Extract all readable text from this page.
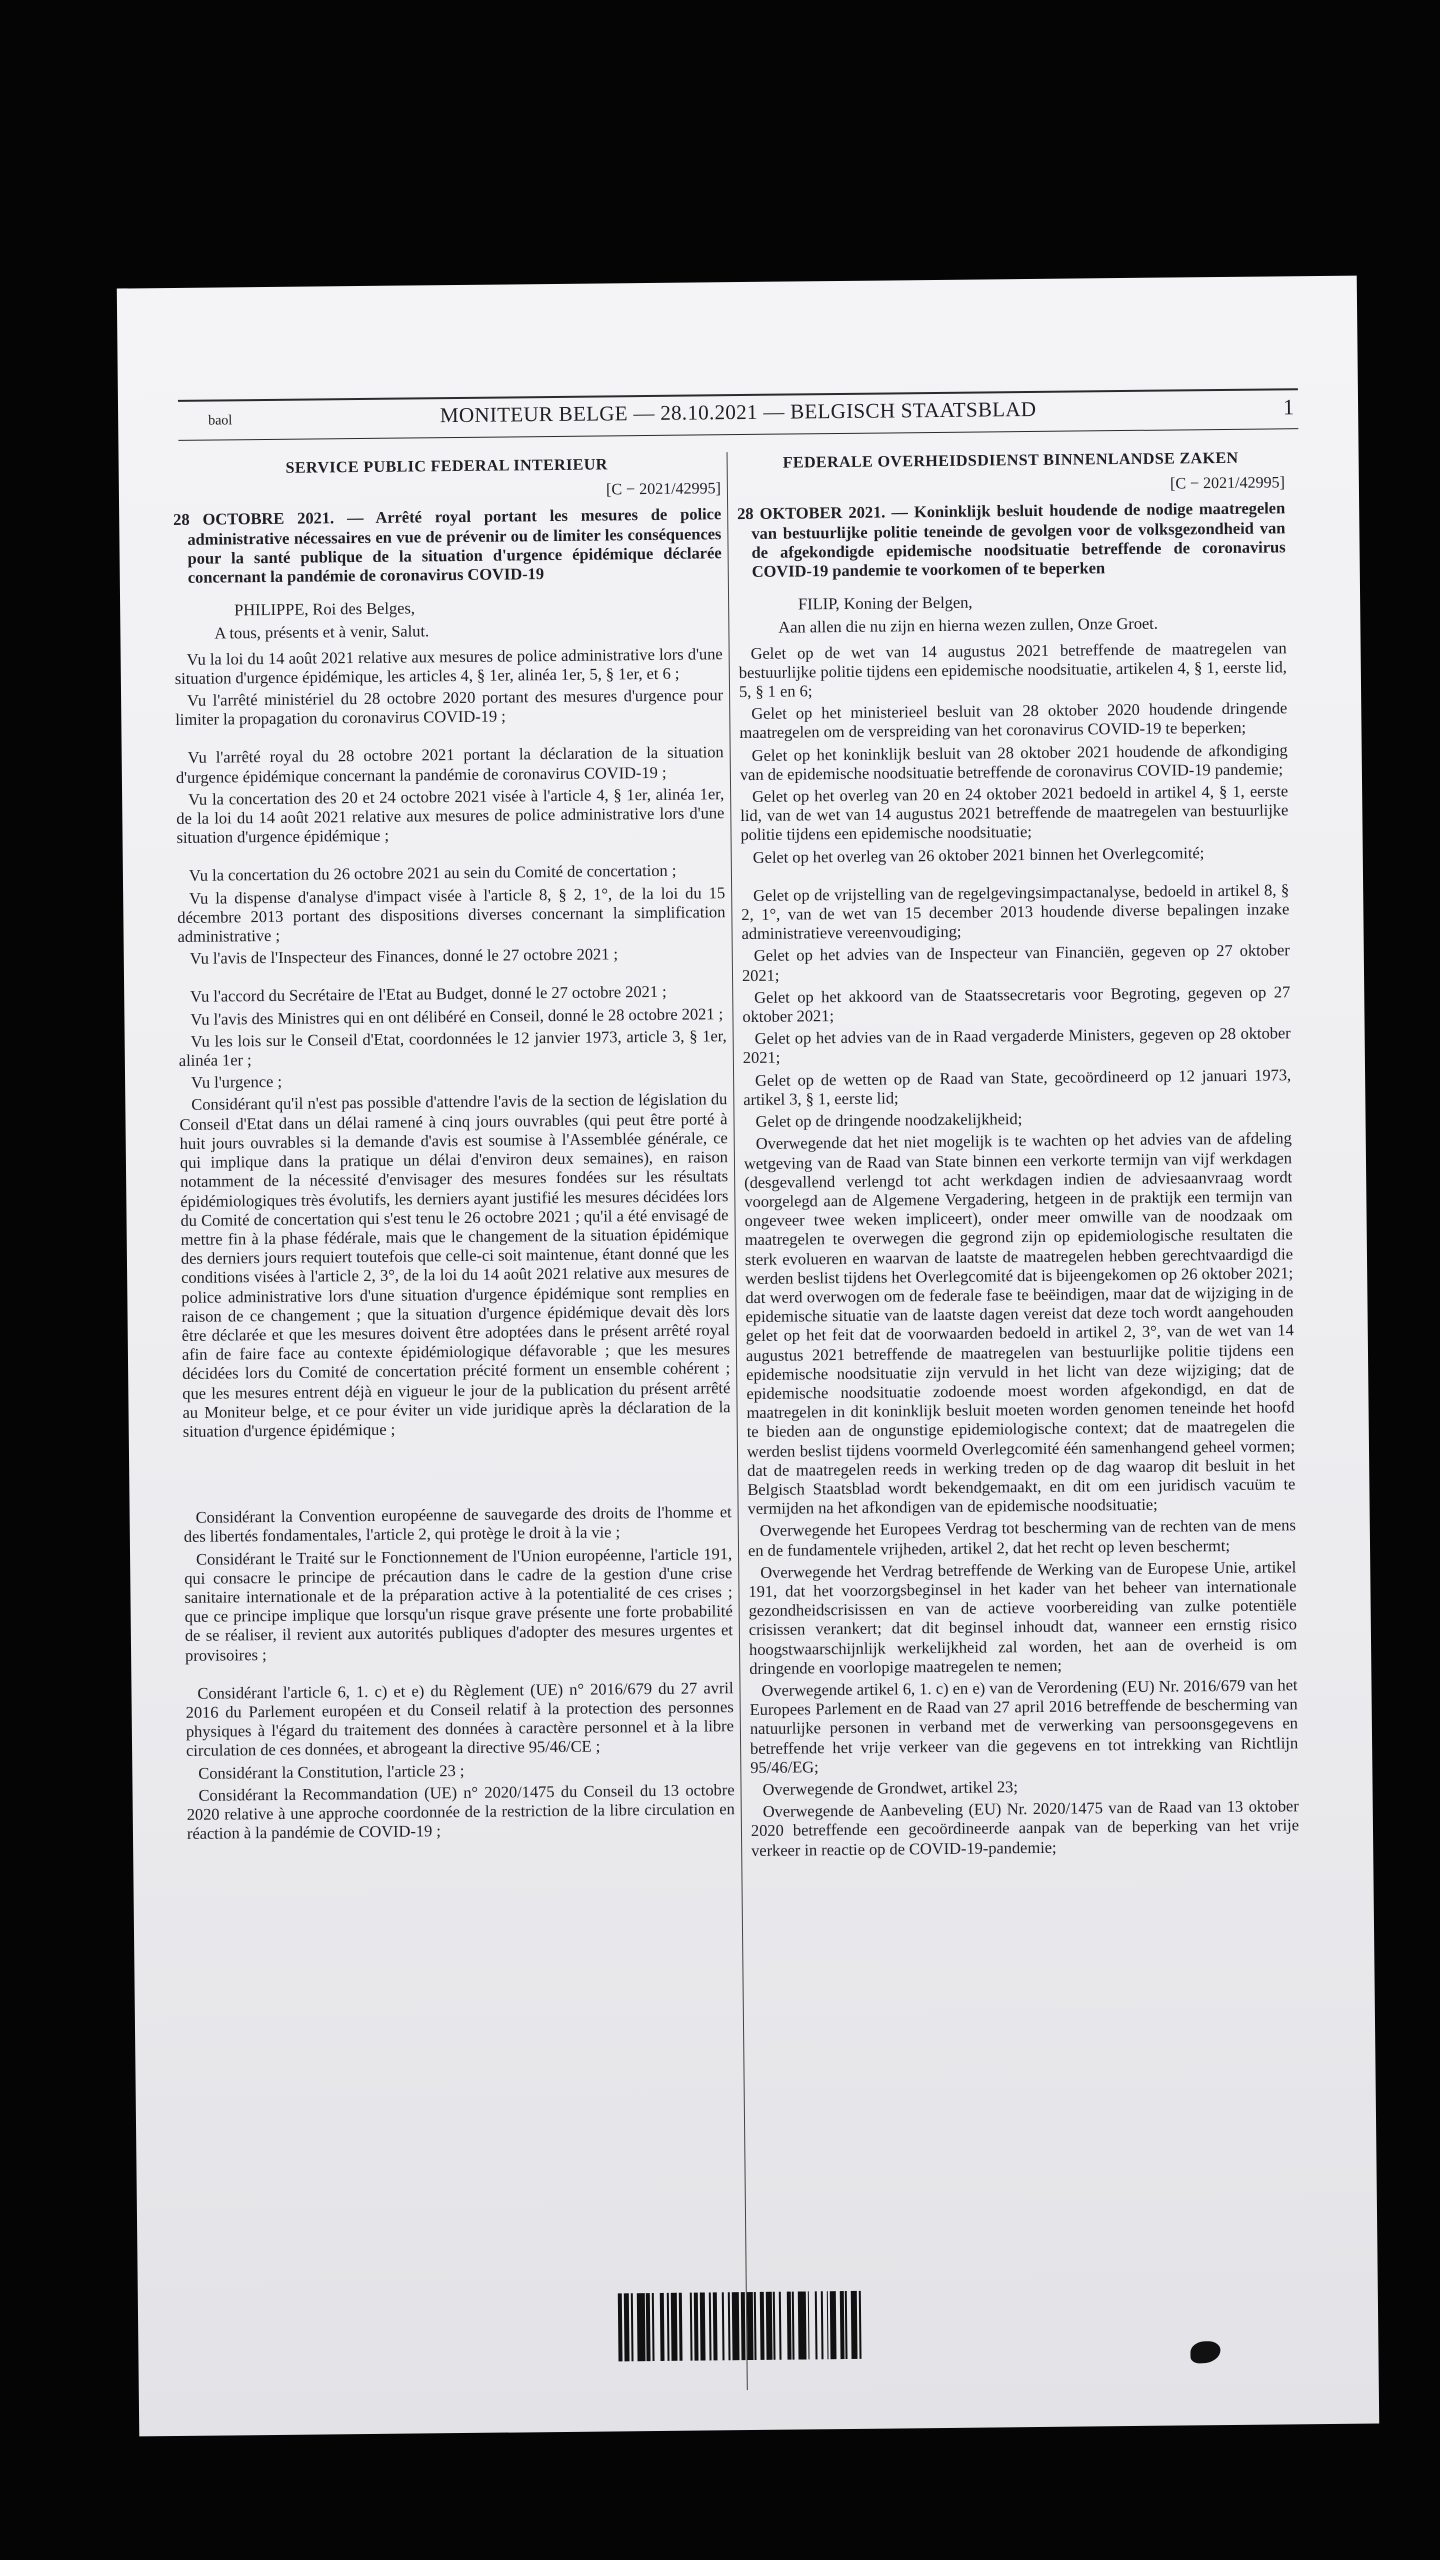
baol	MONITEUR BELGE — 28.10.2021 — BELGISCH STAATSBLAD	1
SERVICE PUBLIC FEDERAL INTERIEUR
[C − 2021/42995]
28 OCTOBRE 2021. — Arrêté royal portant les mesures de police administrative nécessaires en vue de prévenir ou de limiter les conséquences pour la santé publique de la situation d'urgence épidémique déclarée concernant la pandémie de coronavirus COVID-19
PHILIPPE, Roi des Belges,
A tous, présents et à venir, Salut.
Vu la loi du 14 août 2021 relative aux mesures de police administrative lors d'une situation d'urgence épidémique, les articles 4, § 1er, alinéa 1er, 5, § 1er, et 6 ;
Vu l'arrêté ministériel du 28 octobre 2020 portant des mesures d'urgence pour limiter la propagation du coronavirus COVID-19 ;
Vu l'arrêté royal du 28 octobre 2021 portant la déclaration de la situation d'urgence épidémique concernant la pandémie de coronavirus COVID-19 ;
Vu la concertation des 20 et 24 octobre 2021 visée à l'article 4, § 1er, alinéa 1er, de la loi du 14 août 2021 relative aux mesures de police administrative lors d'une situation d'urgence épidémique ;
Vu la concertation du 26 octobre 2021 au sein du Comité de concertation ;
Vu la dispense d'analyse d'impact visée à l'article 8, § 2, 1°, de la loi du 15 décembre 2013 portant des dispositions diverses concernant la simplification administrative ;
Vu l'avis de l'Inspecteur des Finances, donné le 27 octobre 2021 ;
Vu l'accord du Secrétaire de l'Etat au Budget, donné le 27 octobre 2021 ;
Vu l'avis des Ministres qui en ont délibéré en Conseil, donné le 28 octobre 2021 ;
Vu les lois sur le Conseil d'Etat, coordonnées le 12 janvier 1973, article 3, § 1er, alinéa 1er ;
Vu l'urgence ;
Considérant qu'il n'est pas possible d'attendre l'avis de la section de législation du Conseil d'Etat dans un délai ramené à cinq jours ouvrables (qui peut être porté à huit jours ouvrables si la demande d'avis est soumise à l'Assemblée générale, ce qui implique dans la pratique un délai d'environ deux semaines), en raison notamment de la nécessité d'envisager des mesures fondées sur les résultats épidémiologiques très évolutifs, les derniers ayant justifié les mesures décidées lors du Comité de concertation qui s'est tenu le 26 octobre 2021 ; qu'il a été envisagé de mettre fin à la phase fédérale, mais que le changement de la situation épidémique des derniers jours requiert toutefois que celle-ci soit maintenue, étant donné que les conditions visées à l'article 2, 3°, de la loi du 14 août 2021 relative aux mesures de police administrative lors d'une situation d'urgence épidémique sont remplies en raison de ce changement ; que la situation d'urgence épidémique devait dès lors être déclarée et que les mesures doivent être adoptées dans le présent arrêté royal afin de faire face au contexte épidémiologique défavorable ; que les mesures décidées lors du Comité de concertation précité forment un ensemble cohérent ; que les mesures entrent déjà en vigueur le jour de la publication du présent arrêté au Moniteur belge, et ce pour éviter un vide juridique après la déclaration de la situation d'urgence épidémique ;
Considérant la Convention européenne de sauvegarde des droits de l'homme et des libertés fondamentales, l'article 2, qui protège le droit à la vie ;
Considérant le Traité sur le Fonctionnement de l'Union européenne, l'article 191, qui consacre le principe de précaution dans le cadre de la gestion d'une crise sanitaire internationale et de la préparation active à la potentialité de ces crises ; que ce principe implique que lorsqu'un risque grave présente une forte probabilité de se réaliser, il revient aux autorités publiques d'adopter des mesures urgentes et provisoires ;
Considérant l'article 6, 1. c) et e) du Règlement (UE) n° 2016/679 du 27 avril 2016 du Parlement européen et du Conseil relatif à la protection des personnes physiques à l'égard du traitement des données à caractère personnel et à la libre circulation de ces données, et abrogeant la directive 95/46/CE ;
Considérant la Constitution, l'article 23 ;
Considérant la Recommandation (UE) n° 2020/1475 du Conseil du 13 octobre 2020 relative à une approche coordonnée de la restriction de la libre circulation en réaction à la pandémie de COVID-19 ;
FEDERALE OVERHEIDSDIENST BINNENLANDSE ZAKEN
[C − 2021/42995]
28 OKTOBER 2021. — Koninklijk besluit houdende de nodige maatregelen van bestuurlijke politie teneinde de gevolgen voor de volksgezondheid van de afgekondigde epidemische noodsituatie betreffende de coronavirus COVID-19 pandemie te voorkomen of te beperken
FILIP, Koning der Belgen,
Aan allen die nu zijn en hierna wezen zullen, Onze Groet.
Gelet op de wet van 14 augustus 2021 betreffende de maatregelen van bestuurlijke politie tijdens een epidemische noodsituatie, artikelen 4, § 1, eerste lid, 5, § 1 en 6;
Gelet op het ministerieel besluit van 28 oktober 2020 houdende dringende maatregelen om de verspreiding van het coronavirus COVID-19 te beperken;
Gelet op het koninklijk besluit van 28 oktober 2021 houdende de afkondiging van de epidemische noodsituatie betreffende de coronavirus COVID-19 pandemie;
Gelet op het overleg van 20 en 24 oktober 2021 bedoeld in artikel 4, § 1, eerste lid, van de wet van 14 augustus 2021 betreffende de maatregelen van bestuurlijke politie tijdens een epidemische noodsituatie;
Gelet op het overleg van 26 oktober 2021 binnen het Overlegcomité;
Gelet op de vrijstelling van de regelgevingsimpactanalyse, bedoeld in artikel 8, § 2, 1°, van de wet van 15 december 2013 houdende diverse bepalingen inzake administratieve vereenvoudiging;
Gelet op het advies van de Inspecteur van Financiën, gegeven op 27 oktober 2021;
Gelet op het akkoord van de Staatssecretaris voor Begroting, gegeven op 27 oktober 2021;
Gelet op het advies van de in Raad vergaderde Ministers, gegeven op 28 oktober 2021;
Gelet op de wetten op de Raad van State, gecoördineerd op 12 januari 1973, artikel 3, § 1, eerste lid;
Gelet op de dringende noodzakelijkheid;
Overwegende dat het niet mogelijk is te wachten op het advies van de afdeling wetgeving van de Raad van State binnen een verkorte termijn van vijf werkdagen (desgevallend verlengd tot acht werkdagen indien de adviesaanvraag wordt voorgelegd aan de Algemene Vergadering, hetgeen in de praktijk een termijn van ongeveer twee weken impliceert), onder meer omwille van de noodzaak om maatregelen te overwegen die gegrond zijn op epidemiologische resultaten die sterk evolueren en waarvan de laatste de maatregelen hebben gerechtvaardigd die werden beslist tijdens het Overlegcomité dat is bijeengekomen op 26 oktober 2021; dat werd overwogen om de federale fase te beëindigen, maar dat de wijziging in de epidemische situatie van de laatste dagen vereist dat deze toch wordt aangehouden gelet op het feit dat de voorwaarden bedoeld in artikel 2, 3°, van de wet van 14 augustus 2021 betreffende de maatregelen van bestuurlijke politie tijdens een epidemische noodsituatie zijn vervuld in het licht van deze wijziging; dat de epidemische noodsituatie zodoende moest worden afgekondigd, en dat de maatregelen in dit koninklijk besluit moeten worden genomen teneinde het hoofd te bieden aan de ongunstige epidemiologische context; dat de maatregelen die werden beslist tijdens voormeld Overlegcomité één samenhangend geheel vormen; dat de maatregelen reeds in werking treden op de dag waarop dit besluit in het Belgisch Staatsblad wordt bekendgemaakt, en dit om een juridisch vacuüm te vermijden na het afkondigen van de epidemische noodsituatie;
Overwegende het Europees Verdrag tot bescherming van de rechten van de mens en de fundamentele vrijheden, artikel 2, dat het recht op leven beschermt;
Overwegende het Verdrag betreffende de Werking van de Europese Unie, artikel 191, dat het voorzorgsbeginsel in het kader van het beheer van internationale gezondheidscrisissen en van de actieve voorbereiding van zulke potentiële crisissen verankert; dat dit beginsel inhoudt dat, wanneer een ernstig risico hoogstwaarschijnlijk werkelijkheid zal worden, het aan de overheid is om dringende en voorlopige maatregelen te nemen;
Overwegende artikel 6, 1. c) en e) van de Verordening (EU) Nr. 2016/679 van het Europees Parlement en de Raad van 27 april 2016 betreffende de bescherming van natuurlijke personen in verband met de verwerking van persoonsgegevens en betreffende het vrije verkeer van die gegevens en tot intrekking van Richtlijn 95/46/EG;
Overwegende de Grondwet, artikel 23;
Overwegende de Aanbeveling (EU) Nr. 2020/1475 van de Raad van 13 oktober 2020 betreffende een gecoördineerde aanpak van de beperking van het vrije verkeer in reactie op de COVID-19-pandemie;
